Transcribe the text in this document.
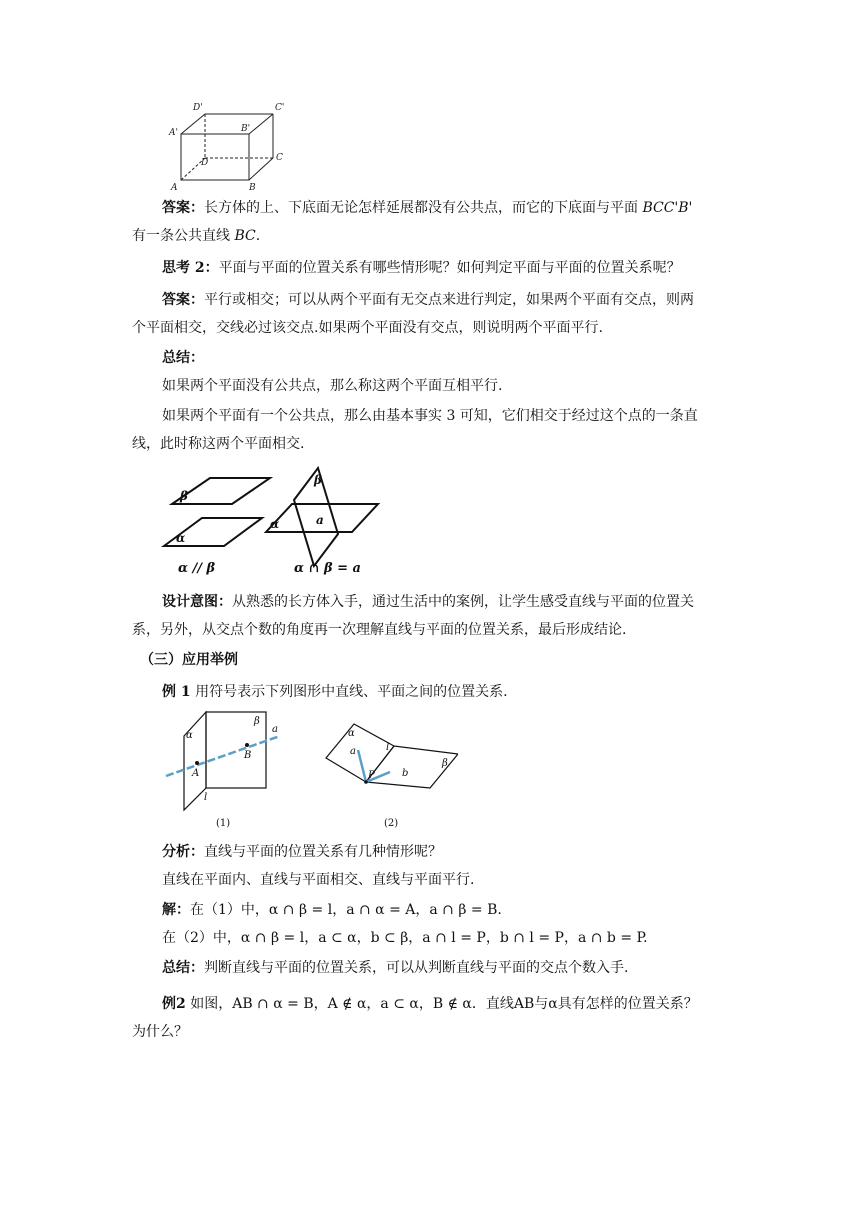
D'	C'
A'	B'
D	C
A	B
答案：长方体的上、下底面无论怎样延展都没有公共点，而它的下底面与平面 BCC'B'
有一条公共直线 BC.
思考 2：平面与平面的位置关系有哪些情形呢？如何判定平面与平面的位置关系呢？
答案：平行或相交；可以从两个平面有无交点来进行判定，如果两个平面有交点，则两
个平面相交，交线必过该交点.如果两个平面没有交点，则说明两个平面平行.
总结：
如果两个平面没有公共点，那么称这两个平面互相平行.
如果两个平面有一个公共点，那么由基本事实 3 可知，它们相交于经过这个点的一条直
线，此时称这两个平面相交.
β
α
β
α	a
α // β	α ∩ β = a
设计意图：从熟悉的长方体入手，通过生活中的案例，让学生感受直线与平面的位置关
系，另外，从交点个数的角度再一次理解直线与平面的位置关系，最后形成结论.
（三）应用举例
例 1 用符号表示下列图形中直线、平面之间的位置关系.
α
β
a
A
B
l
(1)
α
a	l
P	b
β
(2)
分析：直线与平面的位置关系有几种情形呢？
直线在平面内、直线与平面相交、直线与平面平行.
解：在（1）中，α ∩ β = l，a ∩ α = A，a ∩ β = B.
在（2）中，α ∩ β = l，a ⊂ α，b ⊂ β，a ∩ l = P，b ∩ l = P，a ∩ b = P.
总结：判断直线与平面的位置关系，可以从判断直线与平面的交点个数入手.
例2 如图，AB ∩ α = B，A ∉ α，a ⊂ α，B ∉ α．直线AB与α具有怎样的位置关系？
为什么？
